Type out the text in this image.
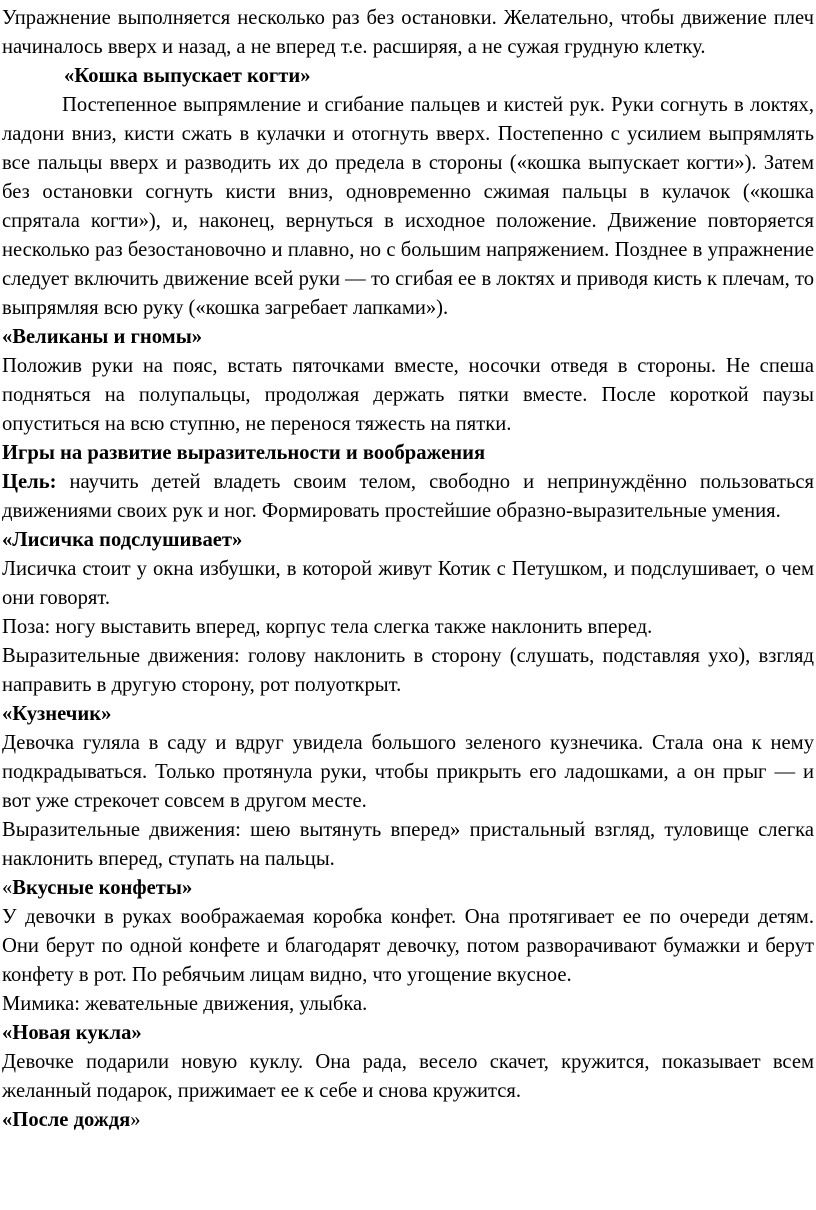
Упражнение выполняется несколько раз без остановки. Желательно, чтобы движение плеч начиналось вверх и назад, а не вперед т.е. расширяя, а не сужая грудную клетку.

«Кошка выпускает когти»

Постепенное выпрямление и сгибание пальцев и кистей рук. Руки согнуть в локтях, ладони вниз, кисти сжать в кулачки и отогнуть вверх. Постепенно с усилием выпрямлять все пальцы вверх и разводить их до предела в стороны («кошка выпускает когти»). Затем без остановки согнуть кисти вниз, одновременно сжимая пальцы в кулачок («кошка спрятала когти»), и, наконец, вернуться в исходное положение. Движение повторяется несколько раз безостановочно и плавно, но с большим напряжением. Позднее в упражнение следует включить движение всей руки — то сгибая ее в локтях и приводя кисть к плечам, то выпрямляя всю руку («кошка загребает лапками»).

«Великаны и гномы»

Положив руки на пояс, встать пяточками вместе, носочки отведя в стороны. Не спеша подняться на полупальцы, продолжая держать пятки вместе. После короткой паузы опуститься на всю ступню, не перенося тяжесть на пятки.

Игры на развитие выразительности и воображения

Цель: научить детей владеть своим телом, свободно и непринуждённо пользоваться движениями своих рук и ног. Формировать простейшие образно-выразительные умения.

«Лисичка подслушивает»

Лисичка стоит у окна избушки, в которой живут Котик с Петушком, и подслушивает, о чем они говорят.

Поза: ногу выставить вперед, корпус тела слегка также наклонить вперед.

Выразительные движения: голову наклонить в сторону (слушать, подставляя ухо), взгляд направить в другую сторону, рот полуоткрыт.

«Кузнечик»

Девочка гуляла в саду и вдруг увидела большого зеленого кузнечика. Стала она к нему подкрадываться. Только протянула руки, чтобы прикрыть его ладошками, а он прыг — и вот уже стрекочет совсем в другом месте.

Выразительные движения: шею вытянуть вперед» пристальный взгляд, туловище слегка наклонить вперед, ступать на пальцы.

«Вкусные конфеты»

У девочки в руках воображаемая коробка конфет. Она протягивает ее по очереди детям. Они берут по одной конфете и благодарят девочку, потом разворачивают бумажки и берут конфету в рот. По ребячьим лицам видно, что угощение вкусное.

Мимика: жевательные движения, улыбка.

«Новая кукла»

Девочке подарили новую куклу. Она рада, весело скачет, кружится, показывает всем желанный подарок, прижимает ее к себе и снова кружится.

«После дождя»
